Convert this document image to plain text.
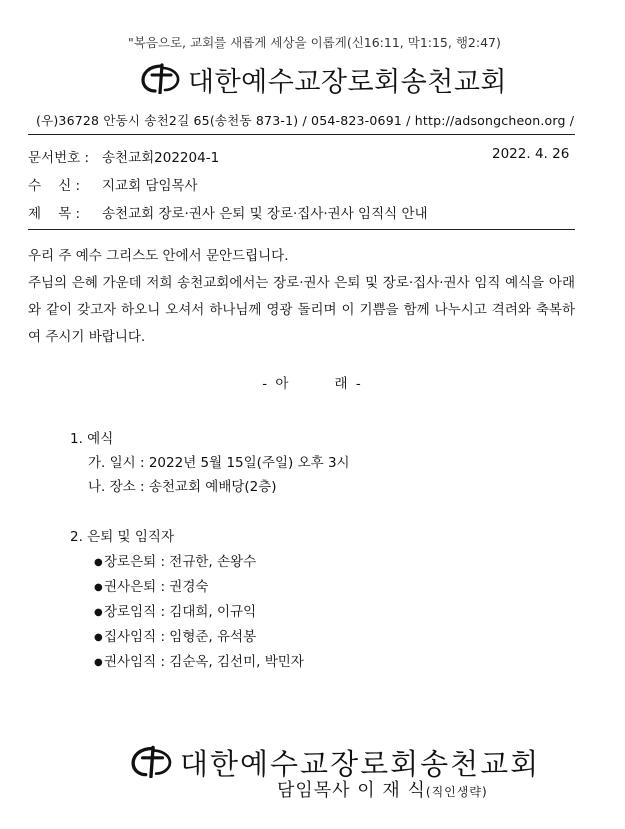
"복음으로, 교회를 새롭게 세상을 이롭게(신16:11, 막1:15, 행2:47)
대한예수교장로회송천교회
(우)36728 안동시 송천2길 65(송천동 873-1) / 054-823-0691 / http://adsongcheon.org /
문서번호 : 송천교회202204-1	2022. 4. 26
수    신 : 지교회 담임목사
제    목 : 송천교회 장로·권사 은퇴 및 장로·집사·권사 임직식 안내

우리 주 예수 그리스도 안에서 문안드립니다.

주님의 은혜 가운데 저희 송천교회에서는 장로·권사 은퇴 및 장로·집사·권사 임직 예식을 아래와 같이 갖고자 하오니 오셔서 하나님께 영광 돌리며 이 기쁨을 함께 나누시고 격려와 축복하여 주시기 바랍니다.

- 아       래 -
1. 예식
가. 일시 : 2022년 5월 15일(주일) 오후 3시
나. 장소 : 송천교회 예배당(2층)
2. 은퇴 및 임직자
●장로은퇴 : 전규한, 손왕수
●권사은퇴 : 권경숙
●장로임직 : 김대희, 이규익
●집사임직 : 임형준, 유석봉
●권사임직 : 김순옥, 김선미, 박민자
대한예수교장로회송천교회
담임목사 이 재 식(직인생략)
